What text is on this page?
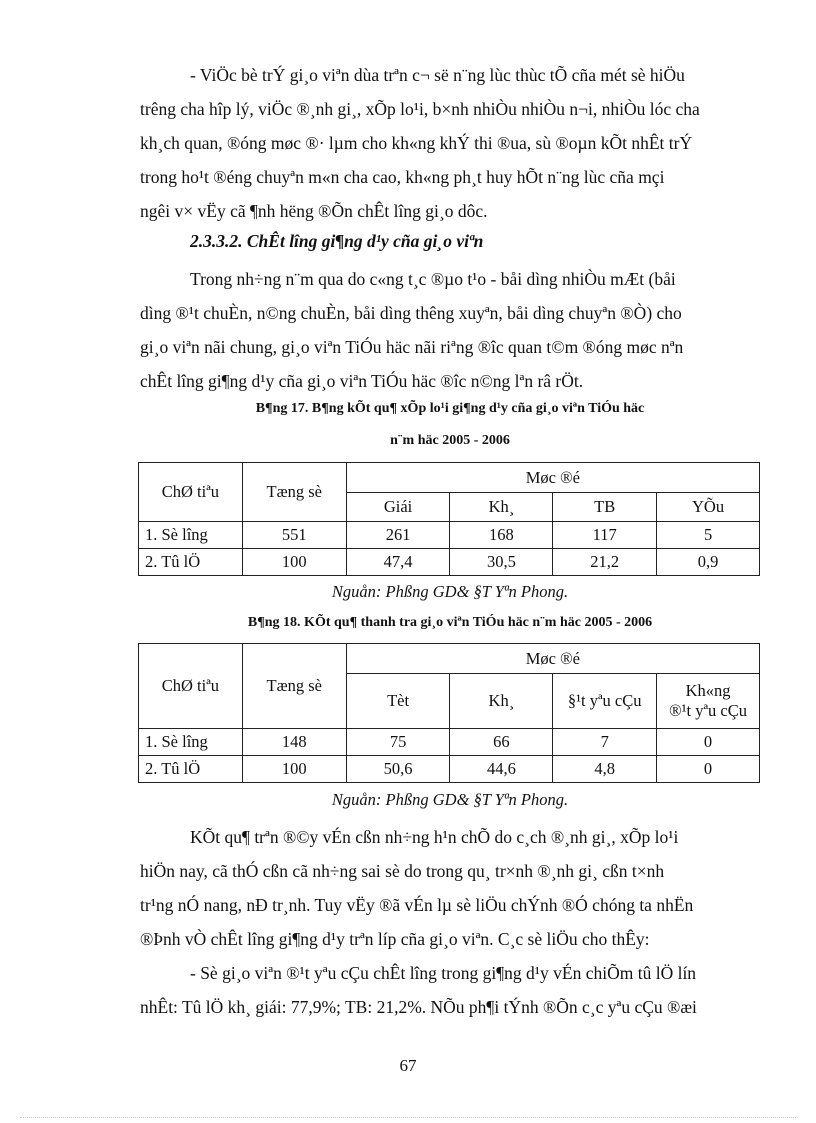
- ViÖc bè trÝ gi¸o viªn dùa trªn c¬ së n¨ng lùc thùc tÕ cña mét sè hiÖu
trêng cha hîp lý, viÖc ®¸nh gi¸, xÕp lo¹i, b×nh nhiÒu nhiÒu n¬i, nhiÒu lóc cha
kh¸ch quan, ®óng møc ®· lµm cho kh«ng khÝ thi ®ua, sù ®oµn kÕt nhÊt trÝ
trong ho¹t ®éng chuyªn m«n cha cao, kh«ng ph¸t huy hÕt n¨ng lùc cña mçi
ngêi v× vËy cã ¶nh hëng ®Õn chÊt lîng gi¸o dôc.

2.3.3.2. ChÊt lîng gi¶ng d¹y cña gi¸o viªn

Trong nh÷ng n¨m qua do c«ng t¸c ®µo t¹o - båi dìng nhiÒu mÆt (båi
dìng ®¹t chuÈn, n©ng chuÈn, båi dìng thêng xuyªn, båi dìng chuyªn ®Ò) cho
gi¸o viªn nãi chung, gi¸o viªn TiÓu häc nãi riªng ®îc quan t©m ®óng møc nªn
chÊt lîng gi¶ng d¹y cña gi¸o viªn TiÓu häc ®îc n©ng lªn râ rÖt.

B¶ng 17. B¶ng kÕt qu¶ xÕp lo¹i gi¶ng d¹y cña gi¸o viªn TiÓu häc

n¨m häc 2005 - 2006

ChØ tiªu	Tæng sè	Møc ®é			
		Giái	Kh¸	TB	YÕu
1. Sè lîng	551	261	168	117	5
2. Tû lÖ	100	47,4	30,5	21,2	0,9

Nguån: Phßng GD& §T Yªn Phong.

B¶ng 18. KÕt qu¶ thanh tra gi¸o viªn TiÓu häc n¨m häc 2005 - 2006

ChØ tiªu	Tæng sè	Møc ®é			
		Tèt	Kh¸	§¹t yªu cÇu	Kh«ng
®¹t yªu cÇu
1. Sè lîng	148	75	66	7	0
2. Tû lÖ	100	50,6	44,6	4,8	0

Nguån: Phßng GD& §T Yªn Phong.

KÕt qu¶ trªn ®©y vÉn cßn nh÷ng h¹n chÕ do c¸ch ®¸nh gi¸, xÕp lo¹i
hiÖn nay, cã thÓ cßn cã nh÷ng sai sè do trong qu¸ tr×nh ®¸nh gi¸ cßn t×nh
tr¹ng nÓ nang, nÐ tr¸nh. Tuy vËy ®ã vÉn lµ sè liÖu chÝnh ®Ó chóng ta nhËn
®Þnh vÒ chÊt lîng gi¶ng d¹y trªn líp cña gi¸o viªn. C¸c sè liÖu cho thÊy:
- Sè gi¸o viªn ®¹t yªu cÇu chÊt lîng trong gi¶ng d¹y vÉn chiÕm tû lÖ lín
nhÊt: Tû lÖ kh¸ giái: 77,9%; TB: 21,2%. NÕu ph¶i tÝnh ®Õn c¸c yªu cÇu ®æi

67
